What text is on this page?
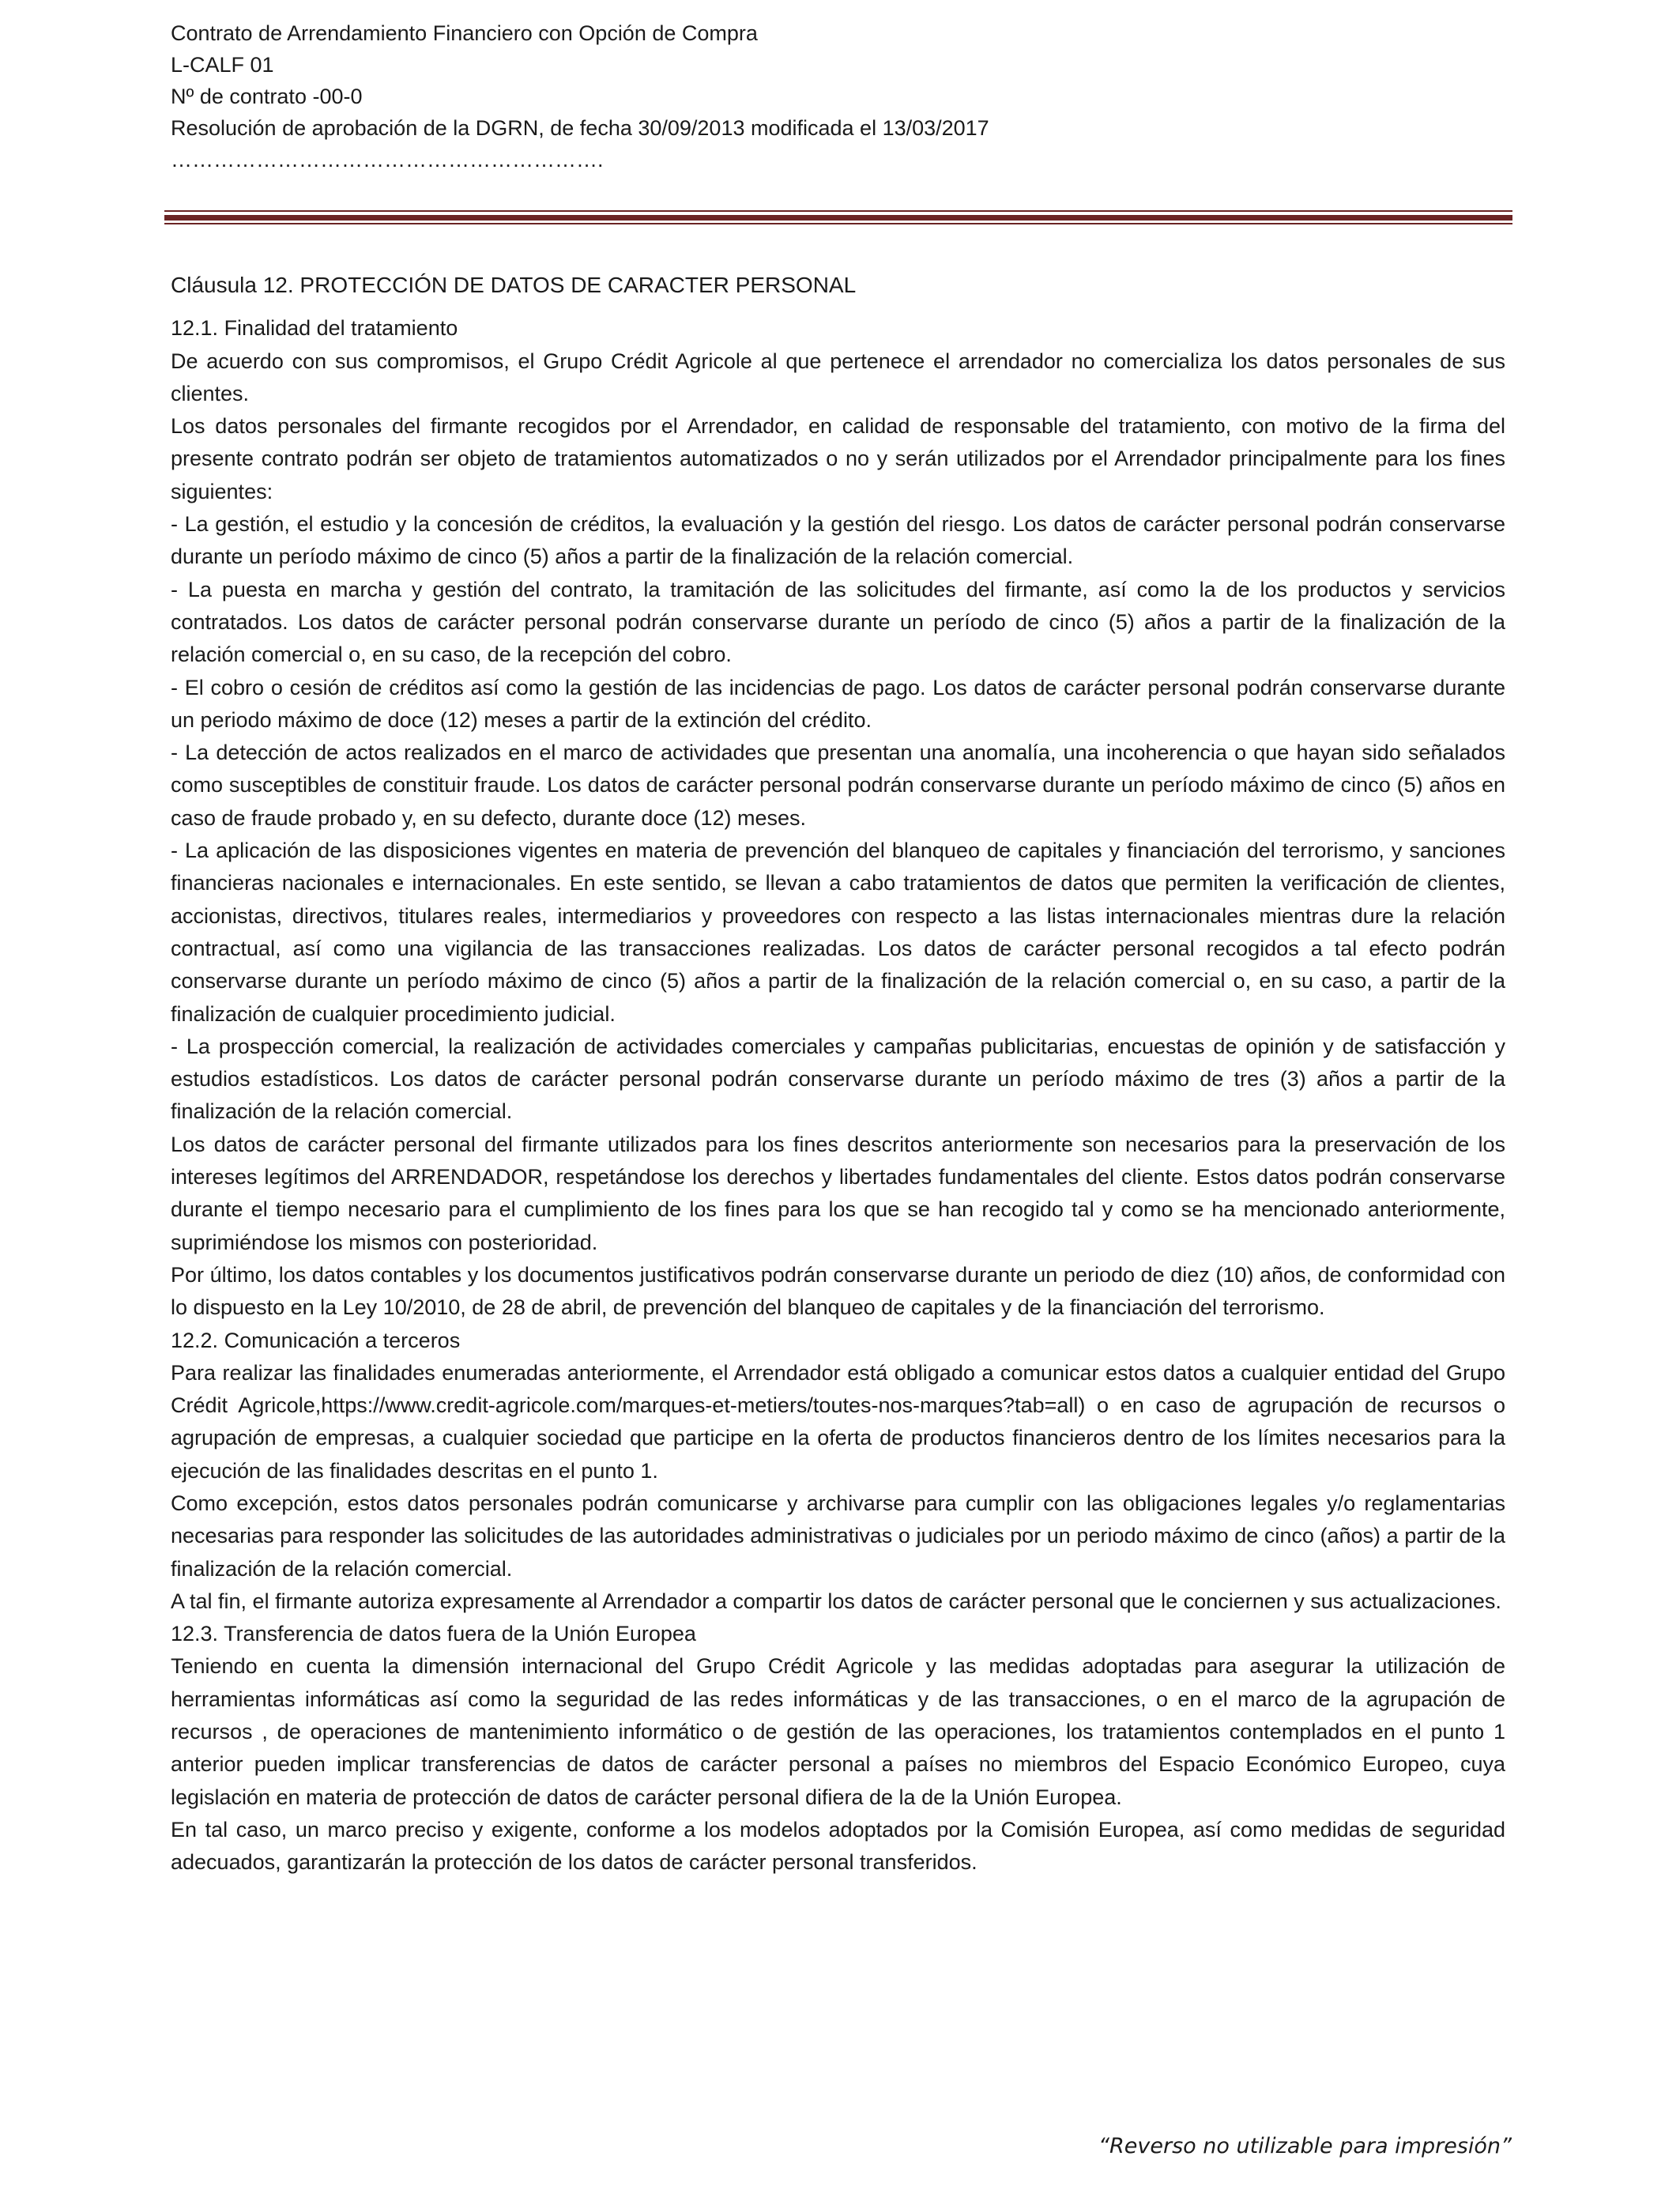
Contrato de Arrendamiento Financiero con Opción de Compra
L-CALF 01
Nº de contrato -00-0
Resolución de aprobación de la DGRN, de fecha 30/09/2013 modificada el 13/03/2017
…………………………………………………….
Cláusula 12. PROTECCIÓN DE DATOS DE CARACTER PERSONAL
12.1. Finalidad del tratamiento

De acuerdo con sus compromisos, el Grupo Crédit Agricole al que pertenece el arrendador no comercializa los datos personales de sus clientes.

Los datos personales del firmante recogidos por el Arrendador, en calidad de responsable del tratamiento, con motivo de la firma del presente contrato podrán ser objeto de tratamientos automatizados o no y serán utilizados por el Arrendador principalmente para los fines siguientes:

- La gestión, el estudio y la concesión de créditos, la evaluación y la gestión del riesgo. Los datos de carácter personal podrán conservarse durante un período máximo de cinco (5) años a partir de la finalización de la relación comercial.

- La puesta en marcha y gestión del contrato, la tramitación de las solicitudes del firmante, así como la de los productos y servicios contratados. Los datos de carácter personal podrán conservarse durante un período de cinco (5) años a partir de la finalización de la relación comercial o, en su caso, de la recepción del cobro.

- El cobro o cesión de créditos así como la gestión de las incidencias de pago. Los datos de carácter personal podrán conservarse durante un periodo máximo de doce (12) meses a partir de la extinción del crédito.

- La detección de actos realizados en el marco de actividades que presentan una anomalía, una incoherencia o que hayan sido señalados como susceptibles de constituir fraude. Los datos de carácter personal podrán conservarse durante un período máximo de cinco (5) años en caso de fraude probado y, en su defecto, durante doce (12) meses.

- La aplicación de las disposiciones vigentes en materia de prevención del blanqueo de capitales y financiación del terrorismo, y sanciones financieras nacionales e internacionales. En este sentido, se llevan a cabo tratamientos de datos que permiten la verificación de clientes, accionistas, directivos, titulares reales, intermediarios y proveedores con respecto a las listas internacionales mientras dure la relación contractual, así como una vigilancia de las transacciones realizadas. Los datos de carácter personal recogidos a tal efecto podrán conservarse durante un período máximo de cinco (5) años a partir de la finalización de la relación comercial o, en su caso, a partir de la finalización de cualquier procedimiento judicial.

- La prospección comercial, la realización de actividades comerciales y campañas publicitarias, encuestas de opinión y de satisfacción y estudios estadísticos. Los datos de carácter personal podrán conservarse durante un período máximo de tres (3) años a partir de la finalización de la relación comercial.

Los datos de carácter personal del firmante utilizados para los fines descritos anteriormente son necesarios para la preservación de los intereses legítimos del ARRENDADOR, respetándose los derechos y libertades fundamentales del cliente. Estos datos podrán conservarse durante el tiempo necesario para el cumplimiento de los fines para los que se han recogido tal y como se ha mencionado anteriormente, suprimiéndose los mismos con posterioridad.

Por último, los datos contables y los documentos justificativos podrán conservarse durante un periodo de diez (10) años, de conformidad con lo dispuesto en la Ley 10/2010, de 28 de abril, de prevención del blanqueo de capitales y de la financiación del terrorismo.

12.2. Comunicación a terceros

Para realizar las finalidades enumeradas anteriormente, el Arrendador está obligado a comunicar estos datos a cualquier entidad del Grupo Crédit Agricole,https://www.credit-agricole.com/marques-et-metiers/toutes-nos-marques?tab=all) o en caso de agrupación de recursos o agrupación de empresas, a cualquier sociedad que participe en la oferta de productos financieros dentro de los límites necesarios para la ejecución de las finalidades descritas en el punto 1.

Como excepción, estos datos personales podrán comunicarse y archivarse para cumplir con las obligaciones legales y/o reglamentarias necesarias para responder las solicitudes de las autoridades administrativas o judiciales por un periodo máximo de cinco (años) a partir de la finalización de la relación comercial.

A tal fin, el firmante autoriza expresamente al Arrendador a compartir los datos de carácter personal que le conciernen y sus actualizaciones.

12.3. Transferencia de datos fuera de la Unión Europea

Teniendo en cuenta la dimensión internacional del Grupo Crédit Agricole y las medidas adoptadas para asegurar la utilización de herramientas informáticas así como la seguridad de las redes informáticas y de las transacciones, o en el marco de la agrupación de recursos , de operaciones de mantenimiento informático o de gestión de las operaciones, los tratamientos contemplados en el punto 1 anterior pueden implicar transferencias de datos de carácter personal a países no miembros del Espacio Económico Europeo, cuya legislación en materia de protección de datos de carácter personal difiera de la de la Unión Europea.

En tal caso, un marco preciso y exigente, conforme a los modelos adoptados por la Comisión Europea, así como medidas de seguridad adecuados, garantizarán la protección de los datos de carácter personal transferidos.

“Reverso no utilizable para impresión”
